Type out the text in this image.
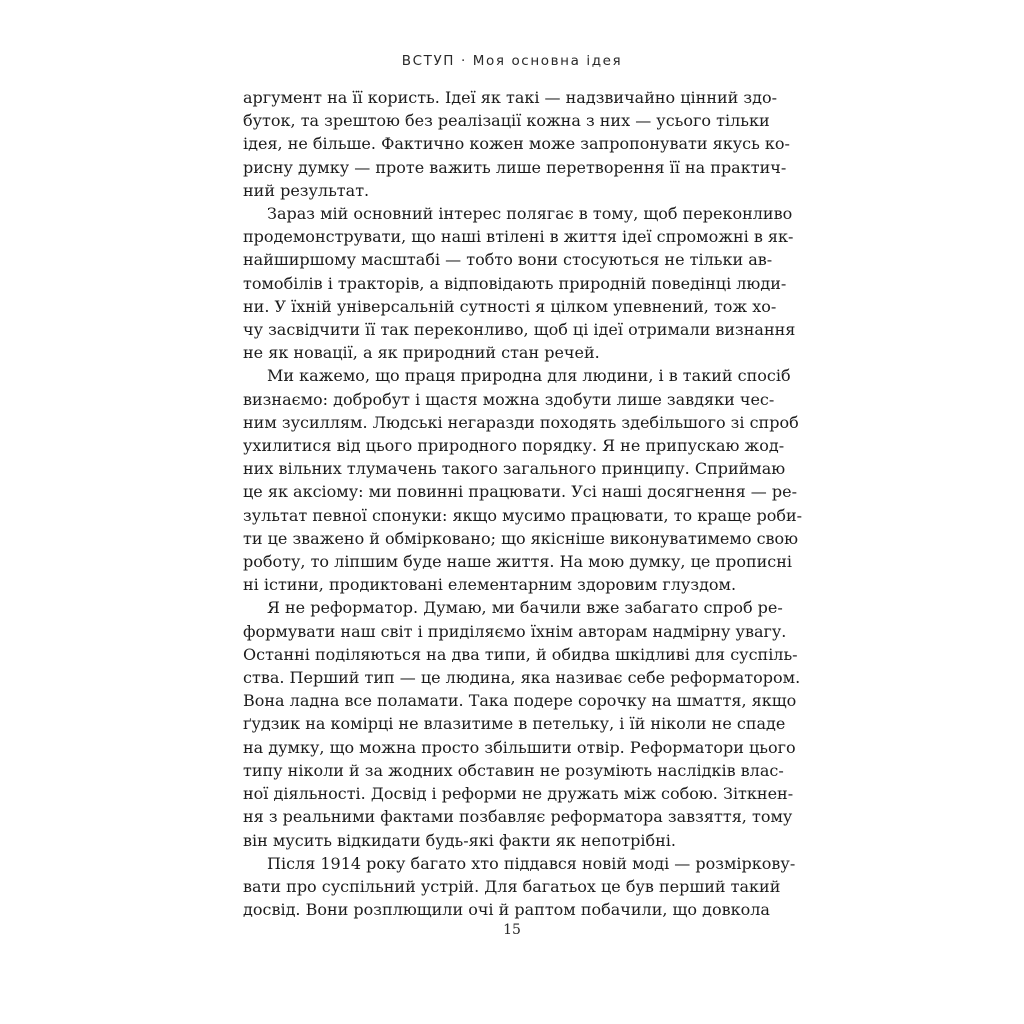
ВСТУП · Моя основна ідея
аргумент на її користь. Ідеї як такі — надзвичайно цінний здо-
буток, та зрештою без реалізації кожна з них — усього тільки
ідея, не більше. Фактично кожен може запропонувати якусь ко-
рисну думку — проте важить лише перетворення її на практич-
ний результат.
Зараз мій основний інтерес полягає в тому, щоб переконливо
продемонструвати, що наші втілені в життя ідеї спроможні в як-
найширшому масштабі — тобто вони стосуються не тільки ав-
томобілів і тракторів, а відповідають природній поведінці люди-
ни. У їхній універсальній сутності я цілком упевнений, тож хо-
чу засвідчити її так переконливо, щоб ці ідеї отримали визнання
не як новації, а як природний стан речей.
Ми кажемо, що праця природна для людини, і в такий спосіб
визнаємо: добробут і щастя можна здобути лише завдяки чес-
ним зусиллям. Людські негаразди походять здебільшого зі спроб
ухилитися від цього природного порядку. Я не припускаю жод-
них вільних тлумачень такого загального принципу. Сприймаю
це як аксіому: ми повинні працювати. Усі наші досягнення — ре-
зультат певної спонуки: якщо мусимо працювати, то краще роби-
ти це зважено й обмірковано; що якісніше виконуватимемо свою
роботу, то ліпшим буде наше життя. На мою думку, це прописні
ні істини, продиктовані елементарним здоровим глуздом.
Я не реформатор. Думаю, ми бачили вже забагато спроб ре-
формувати наш світ і приділяємо їхнім авторам надмірну увагу.
Останні поділяються на два типи, й обидва шкідливі для суспіль-
ства. Перший тип — це людина, яка називає себе реформатором.
Вона ладна все поламати. Така подере сорочку на шмаття, якщо
ґудзик на комірці не влазитиме в петельку, і їй ніколи не спаде
на думку, що можна просто збільшити отвір. Реформатори цього
типу ніколи й за жодних обставин не розуміють наслідків влас-
ної діяльності. Досвід і реформи не дружать між собою. Зіткнен-
ня з реальними фактами позбавляє реформатора завзяття, тому
він мусить відкидати будь-які факти як непотрібні.
Після 1914 року багато хто піддався новій моді — розміркову-
вати про суспільний устрій. Для багатьох це був перший такий
досвід. Вони розплющили очі й раптом побачили, що довкола
15
